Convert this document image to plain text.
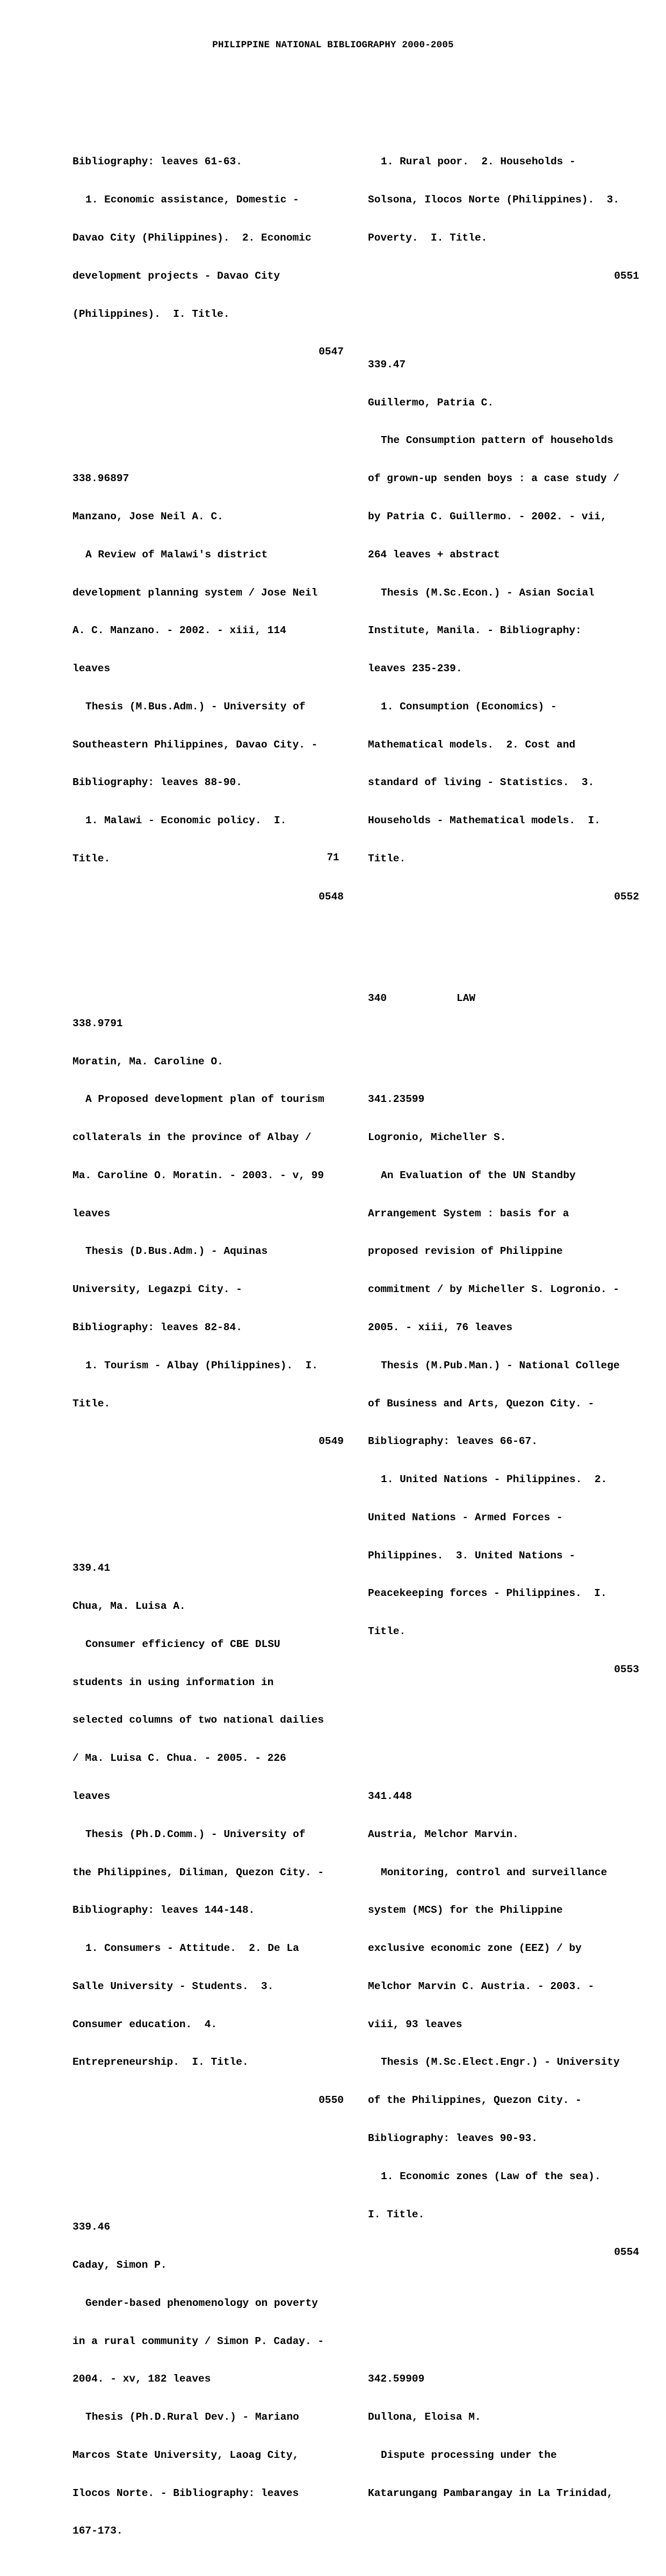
PHILIPPINE NATIONAL BIBLIOGRAPHY 2000-2005

Bibliography: leaves 61-63.

1. Economic assistance, Domestic -

Davao City (Philippines).  2. Economic

development projects - Davao City

(Philippines).  I. Title.

0547

338.96897

Manzano, Jose Neil A. C.

A Review of Malawi's district

development planning system / Jose Neil

A. C. Manzano. - 2002. - xiii, 114

leaves

Thesis (M.Bus.Adm.) - University of

Southeastern Philippines, Davao City. -

Bibliography: leaves 88-90.

1. Malawi - Economic policy.  I.

Title.

0548

338.9791

Moratin, Ma. Caroline O.

A Proposed development plan of tourism

collaterals in the province of Albay /

Ma. Caroline O. Moratin. - 2003. - v, 99

leaves

Thesis (D.Bus.Adm.) - Aquinas

University, Legazpi City. -

Bibliography: leaves 82-84.

1. Tourism - Albay (Philippines).  I.

Title.

0549

339.41

Chua, Ma. Luisa A.

Consumer efficiency of CBE DLSU

students in using information in

selected columns of two national dailies

/ Ma. Luisa C. Chua. - 2005. - 226

leaves

Thesis (Ph.D.Comm.) - University of

the Philippines, Diliman, Quezon City. -

Bibliography: leaves 144-148.

1. Consumers - Attitude.  2. De La

Salle University - Students.  3.

Consumer education.  4.

Entrepreneurship.  I. Title.

0550

339.46

Caday, Simon P.

Gender-based phenomenology on poverty

in a rural community / Simon P. Caday. -

2004. - xv, 182 leaves

Thesis (Ph.D.Rural Dev.) - Mariano

Marcos State University, Laoag City,

Ilocos Norte. - Bibliography: leaves

167-173.

1. Rural poor.  2. Households -

Solsona, Ilocos Norte (Philippines).  3.

Poverty.  I. Title.

0551

339.47

Guillermo, Patria C.

The Consumption pattern of households

of grown-up senden boys : a case study /

by Patria C. Guillermo. - 2002. - vii,

264 leaves + abstract

Thesis (M.Sc.Econ.) - Asian Social

Institute, Manila. - Bibliography:

leaves 235-239.

1. Consumption (Economics) -

Mathematical models.  2. Cost and

standard of living - Statistics.  3.

Households - Mathematical models.  I.

Title.

0552

340	LAW

341.23599

Logronio, Micheller S.

An Evaluation of the UN Standby

Arrangement System : basis for a

proposed revision of Philippine

commitment / by Micheller S. Logronio. -

2005. - xiii, 76 leaves

Thesis (M.Pub.Man.) - National College

of Business and Arts, Quezon City. -

Bibliography: leaves 66-67.

1. United Nations - Philippines.  2.

United Nations - Armed Forces -

Philippines.  3. United Nations -

Peacekeeping forces - Philippines.  I.

Title.

0553

341.448

Austria, Melchor Marvin.

Monitoring, control and surveillance

system (MCS) for the Philippine

exclusive economic zone (EEZ) / by

Melchor Marvin C. Austria. - 2003. -

viii, 93 leaves

Thesis (M.Sc.Elect.Engr.) - University

of the Philippines, Quezon City. -

Bibliography: leaves 90-93.

1. Economic zones (Law of the sea).

I. Title.

0554

342.59909

Dullona, Eloisa M.

Dispute processing under the

Katarungang Pambarangay in La Trinidad,

71
